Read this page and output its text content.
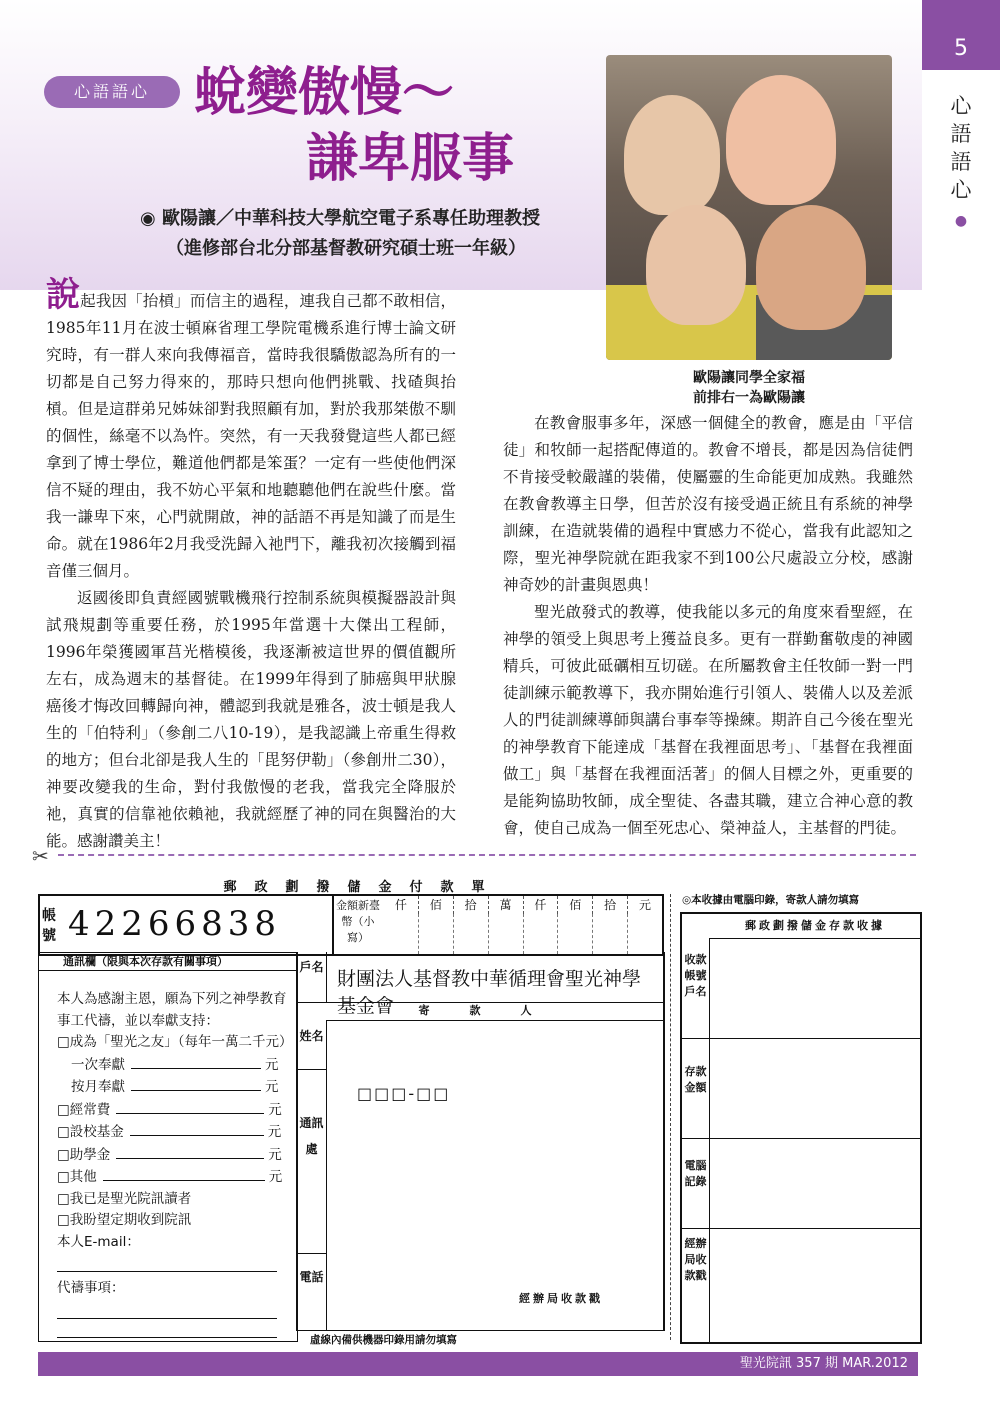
5
心語語心
●
心語語心 蛻變傲慢～
謙卑服事
◉ 歐陽讓／中華科技大學航空電子系專任助理教授
（進修部台北分部基督教研究碩士班一年級）
歐陽讓同學全家福
前排右一為歐陽讓

說起我因「抬槓」而信主的過程，連我自己都不敢相信，1985年11月在波士頓麻省理工學院電機系進行博士論文研究時，有一群人來向我傳福音，當時我很驕傲認為所有的一切都是自己努力得來的，那時只想向他們挑戰、找碴與抬槓。但是這群弟兄姊妹卻對我照顧有加，對於我那桀傲不馴的個性，絲毫不以為忤。突然，有一天我發覺這些人都已經拿到了博士學位，難道他們都是笨蛋？一定有一些使他們深信不疑的理由，我不妨心平氣和地聽聽他們在說些什麼。當我一謙卑下來，心門就開啟，神的話語不再是知識了而是生命。就在1986年2月我受洗歸入祂門下，離我初次接觸到福音僅三個月。

返國後即負責經國號戰機飛行控制系統與模擬器設計與試飛規劃等重要任務，於1995年當選十大傑出工程師，1996年榮獲國軍莒光楷模後，我逐漸被這世界的價值觀所左右，成為週末的基督徒。在1999年得到了肺癌與甲狀腺癌後才悔改回轉歸向神，體認到我就是雅各，波士頓是我人生的「伯特利」（參創二八10-19），是我認識上帝重生得救的地方；但台北卻是我人生的「毘努伊勒」（參創卅二30），神要改變我的生命，對付我傲慢的老我，當我完全降服於祂，真實的信靠祂依賴祂，我就經歷了神的同在與醫治的大能。感謝讚美主！

在教會服事多年，深感一個健全的教會，應是由「平信徒」和牧師一起搭配傳道的。教會不增長，都是因為信徒們不肯接受較嚴謹的裝備，使屬靈的生命能更加成熟。我雖然在教會教導主日學，但苦於沒有接受過正統且有系統的神學訓練，在造就裝備的過程中實感力不從心，當我有此認知之際，聖光神學院就在距我家不到100公尺處設立分校，感謝神奇妙的計畫與恩典！

聖光啟發式的教導，使我能以多元的角度來看聖經，在神學的領受上與思考上獲益良多。更有一群勤奮敬虔的神國精兵，可彼此砥礪相互切磋。在所屬教會主任牧師一對一門徒訓練示範教導下，我亦開始進行引領人、裝備人以及差派人的門徒訓練導師與講台事奉等操練。期許自己今後在聖光的神學教育下能達成「基督在我裡面思考」、「基督在我裡面做工」與「基督在我裡面活著」的個人目標之外，更重要的是能夠協助牧師，成全聖徒、各盡其職，建立合神心意的教會，使自己成為一個至死忠心、榮神益人，主基督的門徒。

✂
郵政劃撥儲金付款單
帳號 42266838	金額新臺幣（小寫）
仟	佰	拾	萬	仟	佰	拾	元
通訊欄（限與本次存款有關事項）
本人為感謝主恩，願為下列之神學教育事工代禱，並以奉獻支持：
□成為「聖光之友」（每年一萬二千元）
一次奉獻	元
按月奉獻	元
□經常費	元
□設校基金	元
□助學金	元
□其他	元
□我已是聖光院訊讀者
□我盼望定期收到院訊
本人E-mail：
代禱事項：
戶名
財團法人基督教中華循理會聖光神學基金會	寄款人
姓名
通訊處
電話
□□□-□□
經辦局收款戳
虛線內備供機器印錄用請勿填寫
◎本收據由電腦印錄，寄款人請勿填寫
郵政劃撥儲金存款收據
收款帳號戶名
存款金額
電腦記錄
經辦局收款戳
聖光院訊 357 期 MAR.2012
